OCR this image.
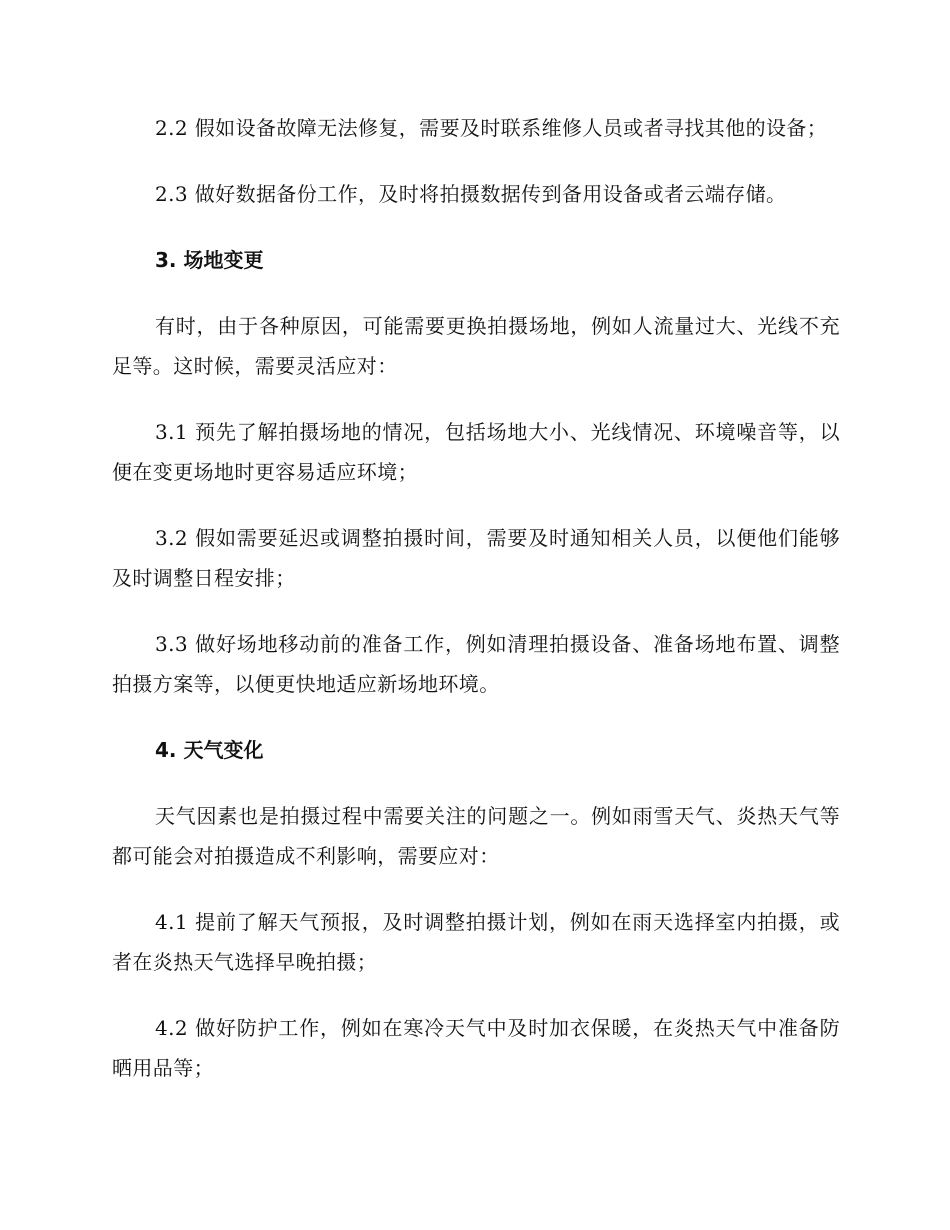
2.2 假如设备故障无法修复，需要及时联系维修人员或者寻找其他的设备；

2.3 做好数据备份工作，及时将拍摄数据传到备用设备或者云端存储。

3. 场地变更

有时，由于各种原因，可能需要更换拍摄场地，例如人流量过大、光线不充足等。这时候，需要灵活应对：

3.1 预先了解拍摄场地的情况，包括场地大小、光线情况、环境噪音等，以便在变更场地时更容易适应环境；

3.2 假如需要延迟或调整拍摄时间，需要及时通知相关人员，以便他们能够及时调整日程安排；

3.3 做好场地移动前的准备工作，例如清理拍摄设备、准备场地布置、调整拍摄方案等，以便更快地适应新场地环境。

4. 天气变化

天气因素也是拍摄过程中需要关注的问题之一。例如雨雪天气、炎热天气等都可能会对拍摄造成不利影响，需要应对：

4.1 提前了解天气预报，及时调整拍摄计划，例如在雨天选择室内拍摄，或者在炎热天气选择早晚拍摄；

4.2 做好防护工作，例如在寒冷天气中及时加衣保暖，在炎热天气中准备防晒用品等；
